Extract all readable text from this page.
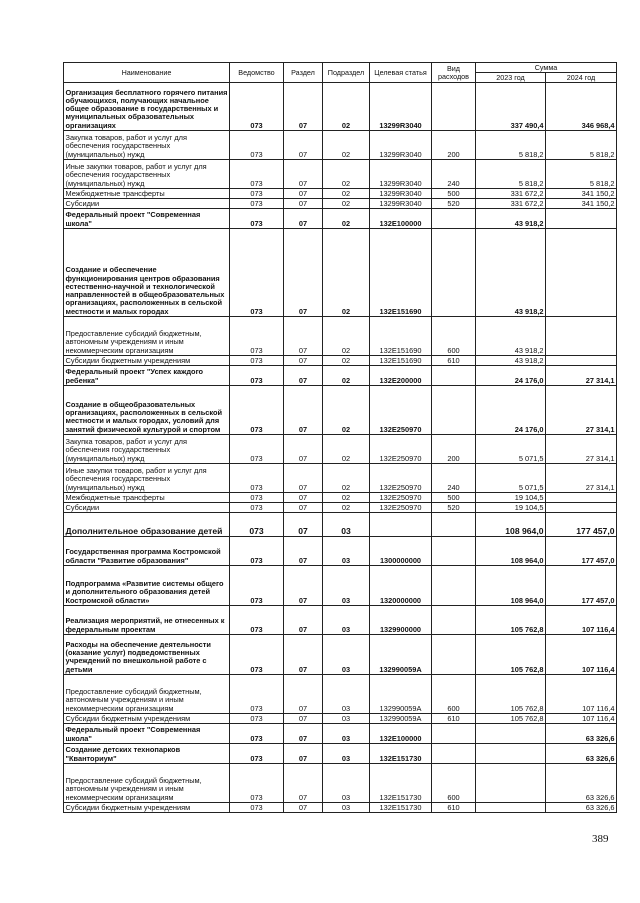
Наименование	Ведомство	Раздел	Подраздел	Целевая статья	Вид расходов	Сумма	
						2023 год	2024 год
Организация бесплатного горячего питания обучающихся, получающих начальное общее образование в государственных и муниципальных образовательных организациях	073	07	02	13299R3040		337 490,4	346 968,4
Закупка товаров, работ и услуг для обеспечения государственных (муниципальных) нужд	073	07	02	13299R3040	200	5 818,2	5 818,2
Иные закупки товаров, работ и услуг для обеспечения государственных (муниципальных) нужд	073	07	02	13299R3040	240	5 818,2	5 818,2
Межбюджетные трансферты	073	07	02	13299R3040	500	331 672,2	341 150,2
Субсидии	073	07	02	13299R3040	520	331 672,2	341 150,2
Федеральный проект "Современная школа"	073	07	02	132E100000		43 918,2	
Создание и обеспечение функционирования центров образования естественно-научной и технологической направленностей в общеобразовательных организациях, расположенных в сельской местности и малых городах	073	07	02	132E151690		43 918,2	
Предоставление субсидий бюджетным, автономным учреждениям и иным некоммерческим организациям	073	07	02	132E151690	600	43 918,2	
Субсидии бюджетным учреждениям	073	07	02	132E151690	610	43 918,2	
Федеральный проект "Успех каждого ребенка"	073	07	02	132E200000		24 176,0	27 314,1
Создание в общеобразовательных организациях, расположенных в сельской местности и малых городах, условий для занятий физической культурой и спортом	073	07	02	132E250970		24 176,0	27 314,1
Закупка товаров, работ и услуг для обеспечения государственных (муниципальных) нужд	073	07	02	132E250970	200	5 071,5	27 314,1
Иные закупки товаров, работ и услуг для обеспечения государственных (муниципальных) нужд	073	07	02	132E250970	240	5 071,5	27 314,1
Межбюджетные трансферты	073	07	02	132E250970	500	19 104,5	
Субсидии	073	07	02	132E250970	520	19 104,5	
Дополнительное образование детей	073	07	03			108 964,0	177 457,0
Государственная программа Костромской области "Развитие образования"	073	07	03	1300000000		108 964,0	177 457,0
Подпрограмма «Развитие системы общего и дополнительного образования детей Костромской области»	073	07	03	1320000000		108 964,0	177 457,0
Реализация мероприятий, не отнесенных к федеральным проектам	073	07	03	1329900000		105 762,8	107 116,4
Расходы на обеспечение деятельности (оказание услуг) подведомственных учреждений по внешкольной работе с детьми	073	07	03	132990059А		105 762,8	107 116,4
Предоставление субсидий бюджетным, автономным учреждениям и иным некоммерческим организациям	073	07	03	132990059А	600	105 762,8	107 116,4
Субсидии бюджетным учреждениям	073	07	03	132990059А	610	105 762,8	107 116,4
Федеральный проект "Современная школа"	073	07	03	132E100000			63 326,6
Создание детских технопарков "Кванториум"	073	07	03	132E151730			63 326,6
Предоставление субсидий бюджетным, автономным учреждениям и иным некоммерческим организациям	073	07	03	132E151730	600		63 326,6
Субсидии бюджетным учреждениям	073	07	03	132E151730	610		63 326,6
389
